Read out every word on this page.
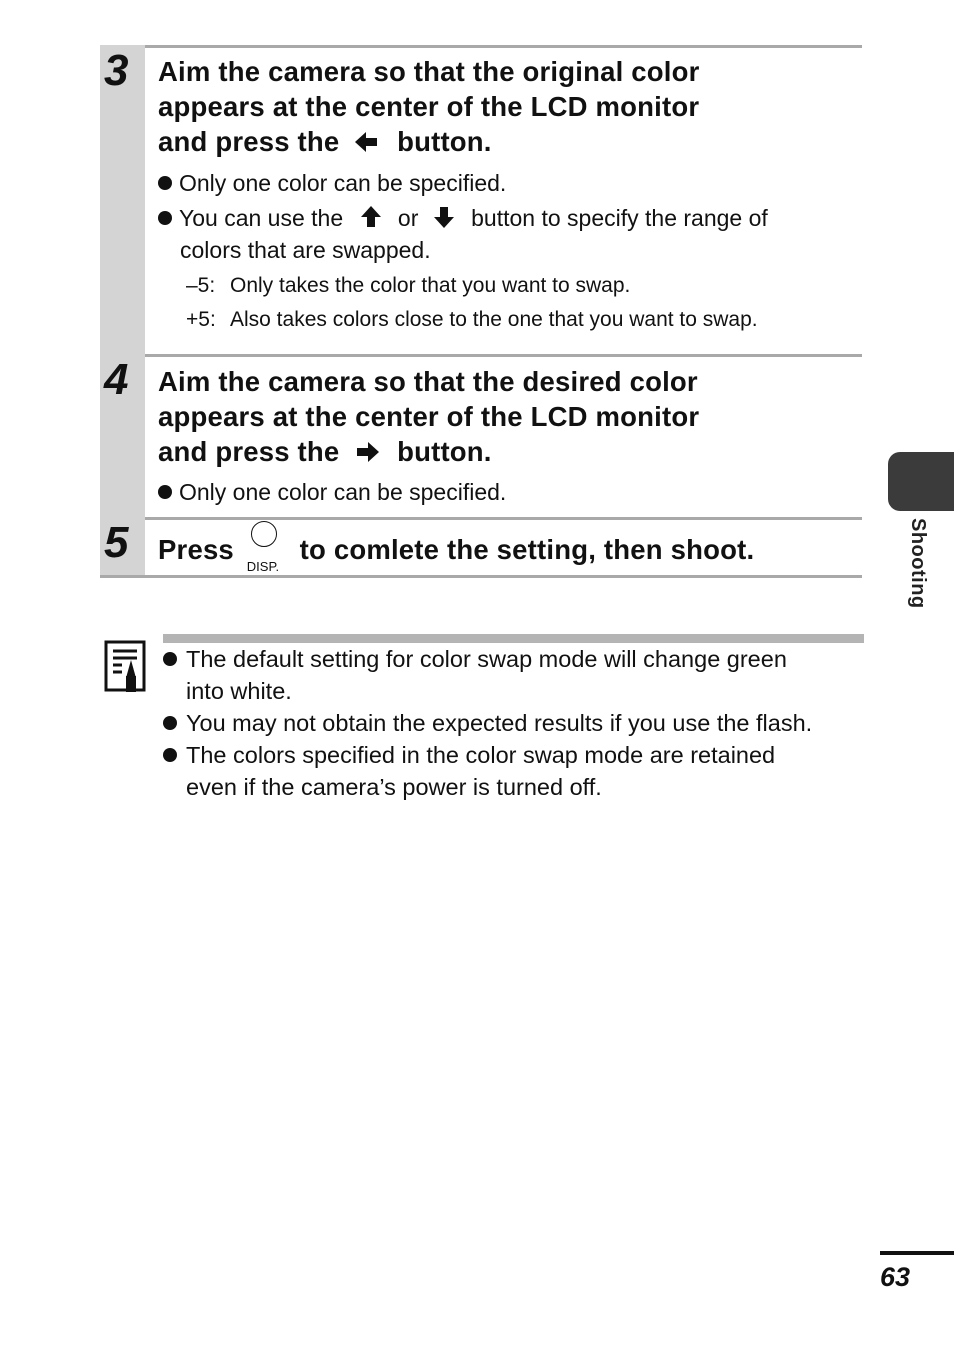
3 Aim the camera so that the original color
appears at the center of the LCD monitor
and press the button.
Only one color can be specified.
You can use the or button to specify the range of
colors that are swapped.
–5: Only takes the color that you want to swap.
+5: Also takes colors close to the one that you want to swap.
4 Aim the camera so that the desired color
appears at the center of the LCD monitor
and press the button.
Only one color can be specified.
5 Press
DISP.
to comlete the setting, then shoot.	Shooting
The default setting for color swap mode will change green
into white.
You may not obtain the expected results if you use the flash.
The colors specified in the color swap mode are retained
even if the camera’s power is turned off.
63
